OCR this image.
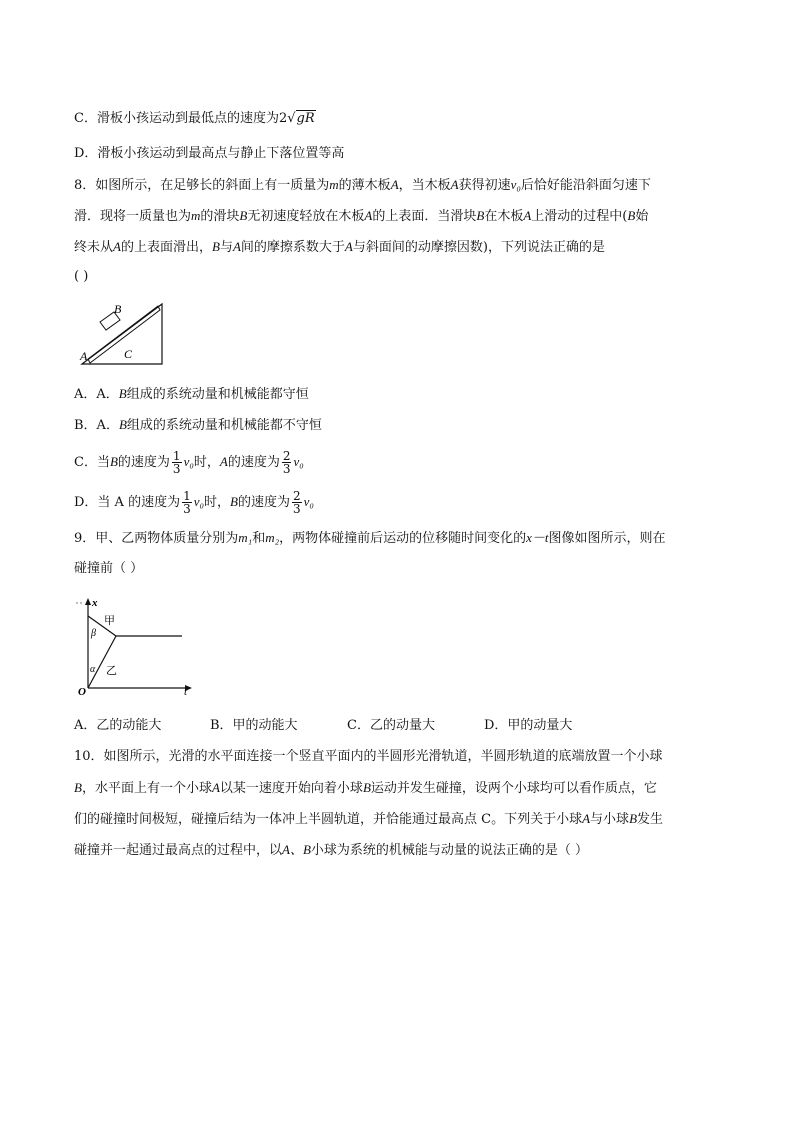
C．滑板小孩运动到最低点的速度为2√gR
D．滑板小孩运动到最高点与静止下落位置等高
8．如图所示，在足够长的斜面上有一质量为m的薄木板A，当木板A获得初速v₀后恰好能沿斜面匀速下
滑．现将一质量也为m的滑块B无初速度轻放在木板A的上表面．当滑块B在木板A上滑动的过程中(B始
终未从A的上表面滑出，B与A间的摩擦系数大于A与斜面间的动摩擦因数)，下列说法正确的是
( )
B
A	C
A．A．B组成的系统动量和机械能都守恒
B．A．B组成的系统动量和机械能都不守恒
C．当B的速度为 $\frac{1}{3} v_0$时，A的速度为 $\frac{2}{3} v_0$
D．当 A 的速度为 $\frac{1}{3} v_0$时，B的速度为 $\frac{2}{3} v_0$
9．甲、乙两物体质量分别为m₁和m₂，两物体碰撞前后运动的位移随时间变化的x－t图像如图所示，则在
碰撞前（ ）
x
t
O
甲
β
α 乙
A．乙的动能大	B．甲的动能大	C．乙的动量大	D．甲的动量大
10．如图所示，光滑的水平面连接一个竖直平面内的半圆形光滑轨道，半圆形轨道的底端放置一个小球
B，水平面上有一个小球A以某一速度开始向着小球B运动并发生碰撞，设两个小球均可以看作质点，它
们的碰撞时间极短，碰撞后结为一体冲上半圆轨道，并恰能通过最高点 C。下列关于小球A与小球B发生
碰撞并一起通过最高点的过程中，以A、B小球为系统的机械能与动量的说法正确的是（ ）
